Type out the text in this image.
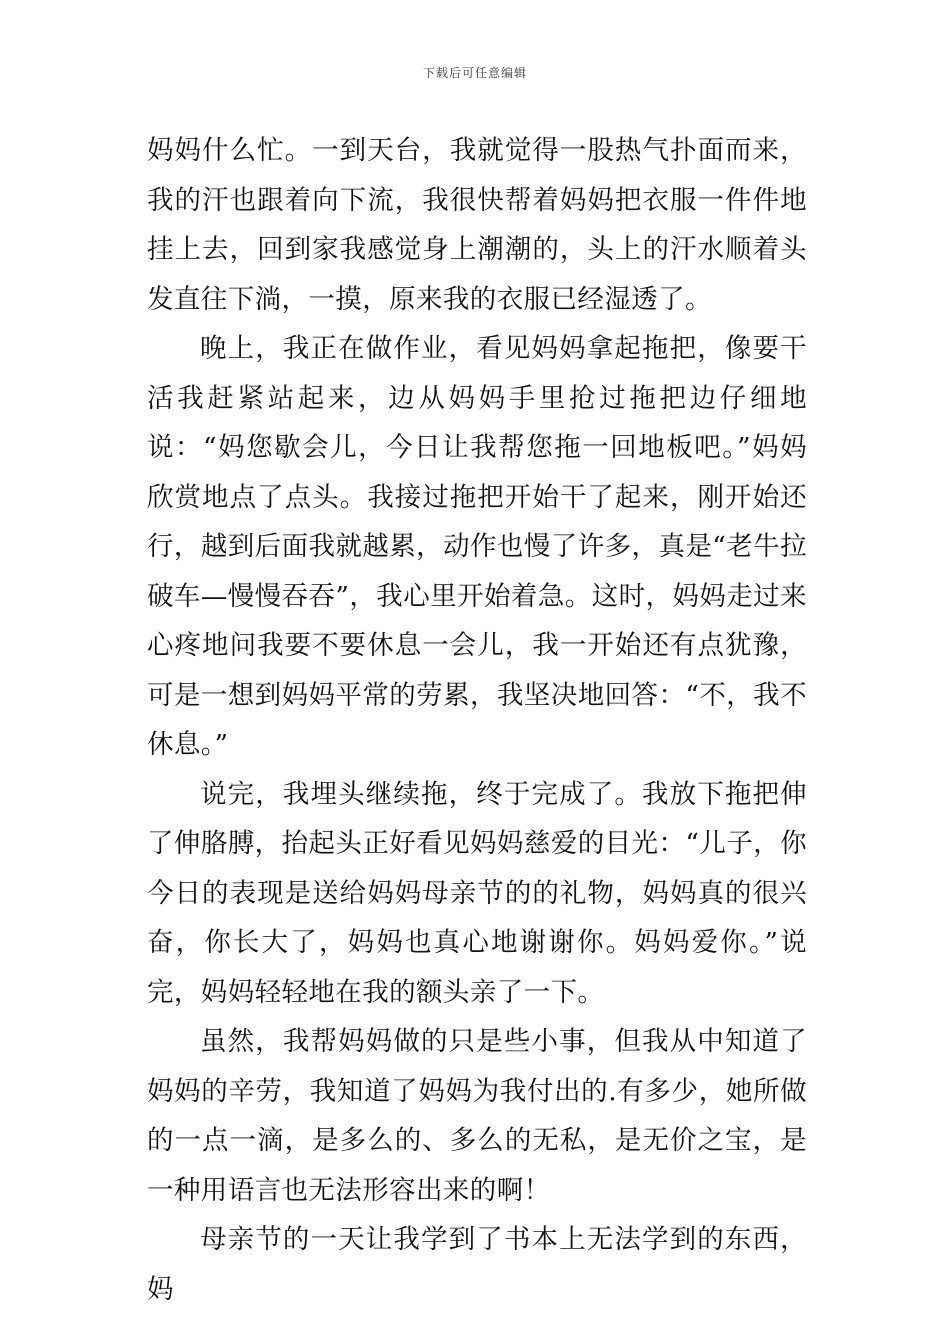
下载后可任意编辑

妈妈什么忙。一到天台，我就觉得一股热气扑面而来，我的汗也跟着向下流，我很快帮着妈妈把衣服一件件地挂上去，回到家我感觉身上潮潮的，头上的汗水顺着头发直往下淌，一摸，原来我的衣服已经湿透了。

晚上，我正在做作业，看见妈妈拿起拖把，像要干活我赶紧站起来，边从妈妈手里抢过拖把边仔细地说：“妈您歇会儿，今日让我帮您拖一回地板吧。”妈妈欣赏地点了点头。我接过拖把开始干了起来，刚开始还行，越到后面我就越累，动作也慢了许多，真是“老牛拉破车—慢慢吞吞”，我心里开始着急。这时，妈妈走过来心疼地问我要不要休息一会儿，我一开始还有点犹豫，可是一想到妈妈平常的劳累，我坚决地回答：“不，我不休息。”

说完，我埋头继续拖，终于完成了。我放下拖把伸了伸胳膊，抬起头正好看见妈妈慈爱的目光：“儿子，你今日的表现是送给妈妈母亲节的的礼物，妈妈真的很兴奋，你长大了，妈妈也真心地谢谢你。妈妈爱你。”说完，妈妈轻轻地在我的额头亲了一下。

虽然，我帮妈妈做的只是些小事，但我从中知道了妈妈的辛劳，我知道了妈妈为我付出的.有多少，她所做的一点一滴，是多么的、多么的无私，是无价之宝，是一种用语言也无法形容出来的啊！

母亲节的一天让我学到了书本上无法学到的东西，妈
